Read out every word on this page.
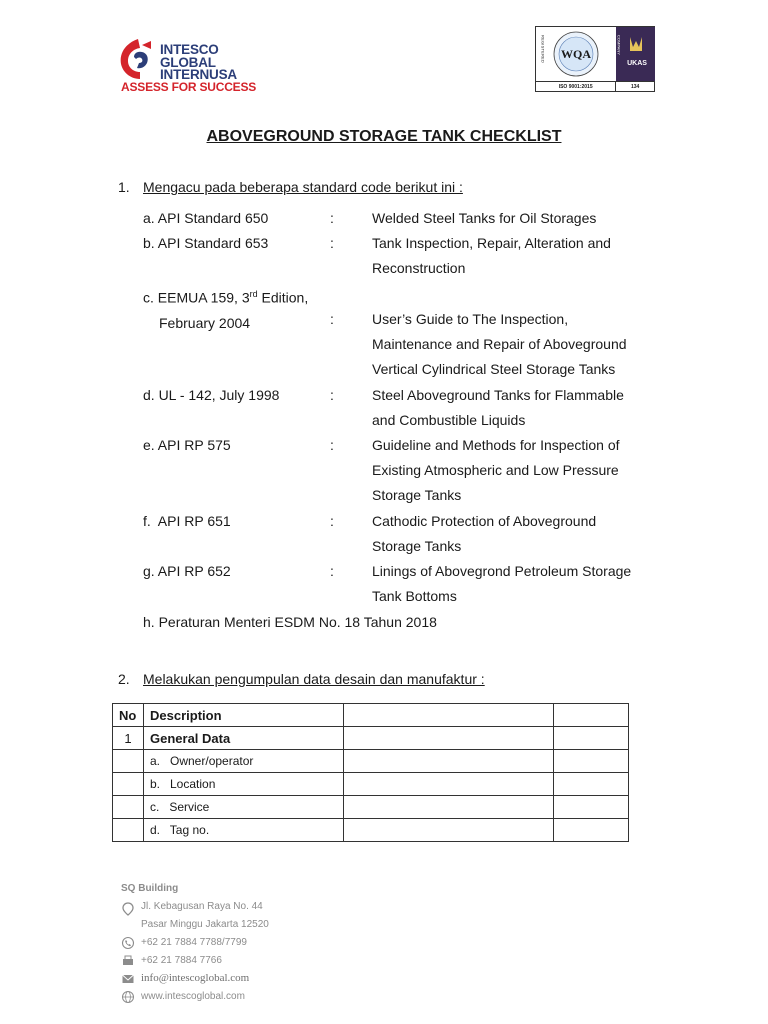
INTESCO
GLOBAL
INTERNUSA
ASSESS FOR SUCCESS
WQA
REGISTERED	COMPANY
UKAS
ISO 9001:2015	134
ABOVEGROUND STORAGE TANK CHECKLIST
1. Mengacu pada beberapa standard code berikut ini :
a. API Standard 650	:	Welded Steel Tanks for Oil Storages
b. API Standard 653	:	Tank Inspection, Repair, Alteration and
Reconstruction
c. EEMUA 159, 3rd Edition,
February 2004	:	User’s Guide to The Inspection,
Maintenance and Repair of Aboveground
Vertical Cylindrical Steel Storage Tanks
d. UL - 142, July 1998	:	Steel Aboveground Tanks for Flammable
and Combustible Liquids
e. API RP 575	:	Guideline and Methods for Inspection of
Existing Atmospheric and Low Pressure
Storage Tanks
f.  API RP 651	:	Cathodic Protection of Aboveground
Storage Tanks
g. API RP 652	:	Linings of Abovegrond Petroleum Storage
Tank Bottoms
h. Peraturan Menteri ESDM No. 18 Tahun 2018
2. Melakukan pengumpulan data desain dan manufaktur :
No	Description		
1	General Data		
	a.   Owner/operator		
	b.   Location		
	c.   Service		
	d.   Tag no.		
SQ Building
Jl. Kebagusan Raya No. 44
Pasar Minggu Jakarta 12520
+62 21 7884 7788/7799
+62 21 7884 7766
info@intescoglobal.com
www.intescoglobal.com
